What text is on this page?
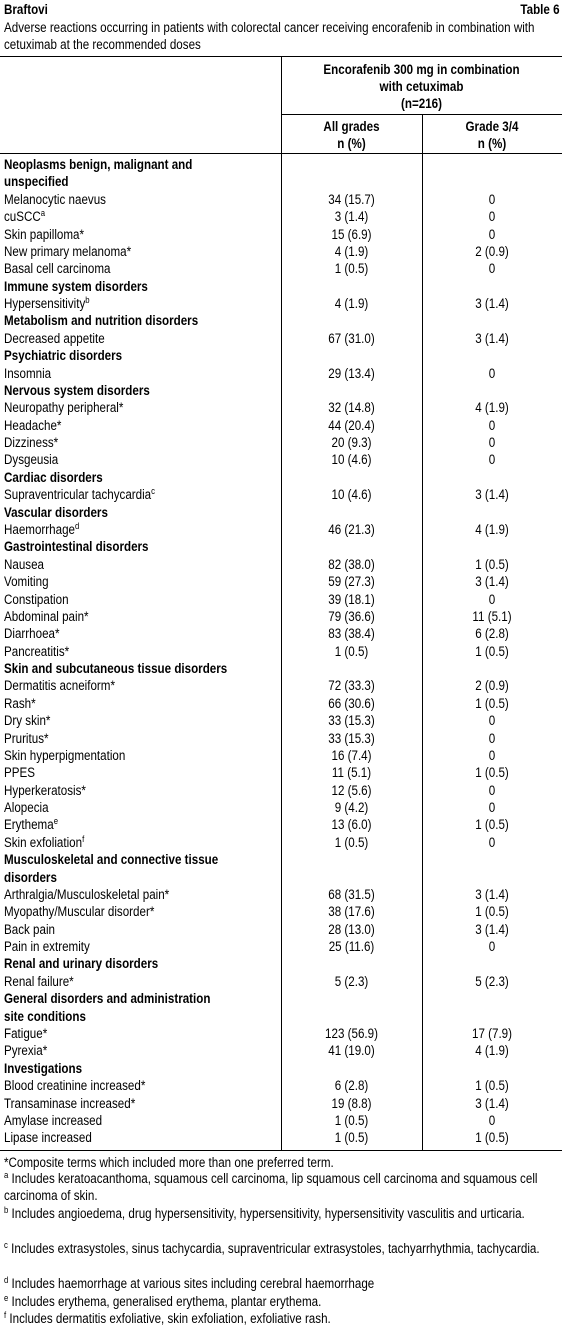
Braftovi	Table 6
Adverse reactions occurring in patients with colorectal cancer receiving encorafenib in combination with cetuximab at the recommended doses
Encorafenib 300 mg in combination
with cetuximab
(n=216)
All grades
n (%)
Grade 3/4
n (%)
Neoplasms benign, malignant and
unspecified
Melanocytic naevus	34 (15.7)	0
cuSCC$^a$	3 (1.4)	0
Skin papilloma*	15 (6.9)	0
New primary melanoma*	4 (1.9)	2 (0.9)
Basal cell carcinoma	1 (0.5)	0
Immune system disorders
Hypersensitivity$^b$	4 (1.9)	3 (1.4)
Metabolism and nutrition disorders
Decreased appetite	67 (31.0)	3 (1.4)
Psychiatric disorders
Insomnia	29 (13.4)	0
Nervous system disorders
Neuropathy peripheral*	32 (14.8)	4 (1.9)
Headache*	44 (20.4)	0
Dizziness*	20 (9.3)	0
Dysgeusia	10 (4.6)	0
Cardiac disorders
Supraventricular tachycardia$^c$	10 (4.6)	3 (1.4)
Vascular disorders
Haemorrhage$^d$	46 (21.3)	4 (1.9)
Gastrointestinal disorders
Nausea	82 (38.0)	1 (0.5)
Vomiting	59 (27.3)	3 (1.4)
Constipation	39 (18.1)	0
Abdominal pain*	79 (36.6)	11 (5.1)
Diarrhoea*	83 (38.4)	6 (2.8)
Pancreatitis*	1 (0.5)	1 (0.5)
Skin and subcutaneous tissue disorders
Dermatitis acneiform*	72 (33.3)	2 (0.9)
Rash*	66 (30.6)	1 (0.5)
Dry skin*	33 (15.3)	0
Pruritus*	33 (15.3)	0
Skin hyperpigmentation	16 (7.4)	0
PPES	11 (5.1)	1 (0.5)
Hyperkeratosis*	12 (5.6)	0
Alopecia	9 (4.2)	0
Erythema$^e$	13 (6.0)	1 (0.5)
Skin exfoliation$^f$	1 (0.5)	0
Musculoskeletal and connective tissue
disorders
Arthralgia/Musculoskeletal pain*	68 (31.5)	3 (1.4)
Myopathy/Muscular disorder*	38 (17.6)	1 (0.5)
Back pain	28 (13.0)	3 (1.4)
Pain in extremity	25 (11.6)	0
Renal and urinary disorders
Renal failure*	5 (2.3)	5 (2.3)
General disorders and administration
site conditions
Fatigue*	123 (56.9)	17 (7.9)
Pyrexia*	41 (19.0)	4 (1.9)
Investigations
Blood creatinine increased*	6 (2.8)	1 (0.5)
Transaminase increased*	19 (8.8)	3 (1.4)
Amylase increased	1 (0.5)	0
Lipase increased	1 (0.5)	1 (0.5)
*Composite terms which included more than one preferred term.
$^a$ Includes keratoacanthoma, squamous cell carcinoma, lip squamous cell carcinoma and squamous cell carcinoma of skin.
$^b$ Includes angioedema, drug hypersensitivity, hypersensitivity, hypersensitivity vasculitis and urticaria.
$^c$ Includes extrasystoles, sinus tachycardia, supraventricular extrasystoles, tachyarrhythmia, tachycardia.
$^d$ Includes haemorrhage at various sites including cerebral haemorrhage
$^e$ Includes erythema, generalised erythema, plantar erythema.
$^f$ Includes dermatitis exfoliative, skin exfoliation, exfoliative rash.
